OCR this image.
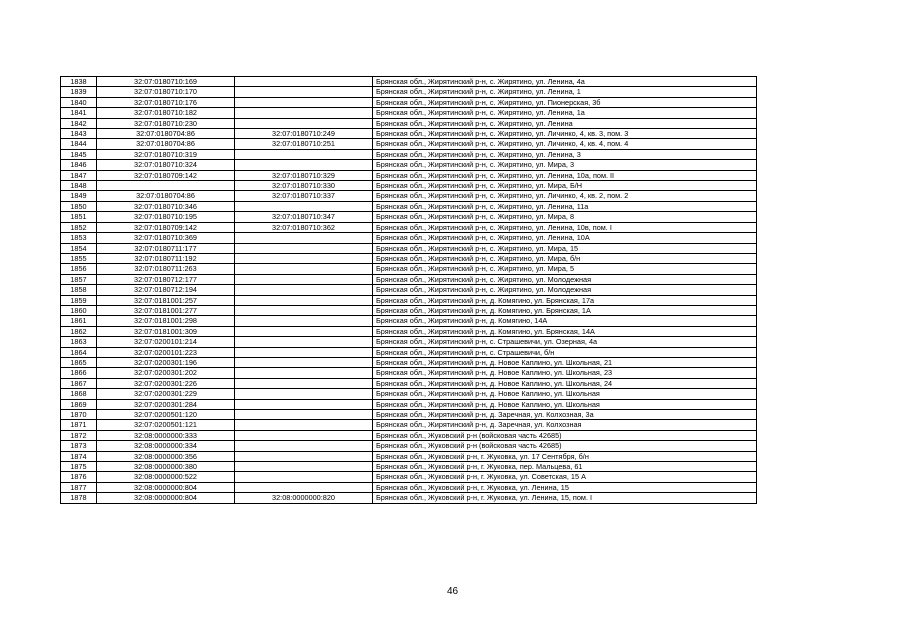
1838	32:07:0180710:169		Брянская обл., Жирятинский р-н, с. Жирятино, ул. Ленина, 4а
1839	32:07:0180710:170		Брянская обл., Жирятинский р-н, с. Жирятино, ул. Ленина, 1
1840	32:07:0180710:176		Брянская обл., Жирятинский р-н, с. Жирятино, ул. Пионерская, 3б
1841	32:07:0180710:182		Брянская обл., Жирятинский р-н, с. Жирятино, ул. Ленина, 1а
1842	32:07:0180710:230		Брянская обл., Жирятинский р-н, с. Жирятино, ул. Ленина
1843	32:07:0180704:86	32:07:0180710:249	Брянская обл., Жирятинский р-н, с. Жирятино, ул. Личинко, 4, кв. 3, пом. 3
1844	32:07:0180704:86	32:07:0180710:251	Брянская обл., Жирятинский р-н, с. Жирятино, ул. Личинко, 4, кв. 4, пом. 4
1845	32:07:0180710:319		Брянская обл., Жирятинский р-н, с. Жирятино, ул. Ленина, 3
1846	32:07:0180710:324		Брянская обл., Жирятинский р-н, с. Жирятино, ул. Мира, 3
1847	32:07:0180709:142	32:07:0180710:329	Брянская обл., Жирятинский р-н, с. Жирятино, ул. Ленина, 10а, пом. II
1848		32:07:0180710:330	Брянская обл., Жирятинский р-н, с. Жирятино, ул. Мира, Б/Н
1849	32:07:0180704:86	32:07:0180710:337	Брянская обл., Жирятинский р-н, с. Жирятино, ул. Личинко, 4, кв. 2, пом. 2
1850	32:07:0180710:346		Брянская обл., Жирятинский р-н, с. Жирятино, ул. Ленина, 11а
1851	32:07:0180710:195	32:07:0180710:347	Брянская обл., Жирятинский р-н, с. Жирятино, ул. Мира, 8
1852	32:07:0180709:142	32:07:0180710:362	Брянская обл., Жирятинский р-н, с. Жирятино, ул. Ленина, 10в, пом. I
1853	32:07:0180710:369		Брянская обл., Жирятинский р-н, с. Жирятино, ул. Ленина, 10А
1854	32:07:0180711:177		Брянская обл., Жирятинский р-н, с. Жирятино, ул. Мира, 15
1855	32:07:0180711:192		Брянская обл., Жирятинский р-н, с. Жирятино, ул. Мира, б/н
1856	32:07:0180711:263		Брянская обл., Жирятинский р-н, с. Жирятино, ул. Мира, 5
1857	32:07:0180712:177		Брянская обл., Жирятинский р-н, с. Жирятино, ул. Молодежная
1858	32:07:0180712:194		Брянская обл., Жирятинский р-н, с. Жирятино, ул. Молодежная
1859	32:07:0181001:257		Брянская обл., Жирятинский р-н, д. Комягино, ул. Брянская, 17а
1860	32:07:0181001:277		Брянская обл., Жирятинский р-н, д. Комягино, ул. Брянская, 1А
1861	32:07:0181001:298		Брянская обл., Жирятинский р-н, д. Комягино, 14А
1862	32:07:0181001:309		Брянская обл., Жирятинский р-н, д. Комягино, ул. Брянская, 14А
1863	32:07:0200101:214		Брянская обл., Жирятинский р-н, с. Страшевичи, ул. Озерная, 4а
1864	32:07:0200101:223		Брянская обл., Жирятинский р-н, с. Страшевичи, б/н
1865	32:07:0200301:196		Брянская обл., Жирятинский р-н, д. Новое Каплино, ул. Школьная, 21
1866	32:07:0200301:202		Брянская обл., Жирятинский р-н, д. Новое Каплино, ул. Школьная, 23
1867	32:07:0200301:226		Брянская обл., Жирятинский р-н, д. Новое Каплино, ул. Школьная, 24
1868	32:07:0200301:229		Брянская обл., Жирятинский р-н, д. Новое Каплино, ул. Школьная
1869	32:07:0200301:284		Брянская обл., Жирятинский р-н, д. Новое Каплино, ул. Школьная
1870	32:07:0200501:120		Брянская обл., Жирятинский р-н, д. Заречная, ул. Колхозная, 3а
1871	32:07:0200501:121		Брянская обл., Жирятинский р-н, д. Заречная, ул. Колхозная
1872	32:08:0000000:333		Брянская обл., Жуковский р-н (войсковая часть 42685)
1873	32:08:0000000:334		Брянская обл., Жуковский р-н (войсковая часть 42685)
1874	32:08:0000000:356		Брянская обл., Жуковский р-н, г. Жуковка, ул. 17 Сентября, б/н
1875	32:08:0000000:380		Брянская обл., Жуковский р-н, г. Жуковка, пер. Мальцева, 61
1876	32:08:0000000:522		Брянская обл., Жуковский р-н, г. Жуковка, ул. Советская, 15 А
1877	32:08:0000000:804		Брянская обл., Жуковский р-н, г. Жуковка, ул. Ленина, 15
1878	32:08:0000000:804	32:08:0000000:820	Брянская обл., Жуковский р-н, г. Жуковка, ул. Ленина, 15, пом. I
46
